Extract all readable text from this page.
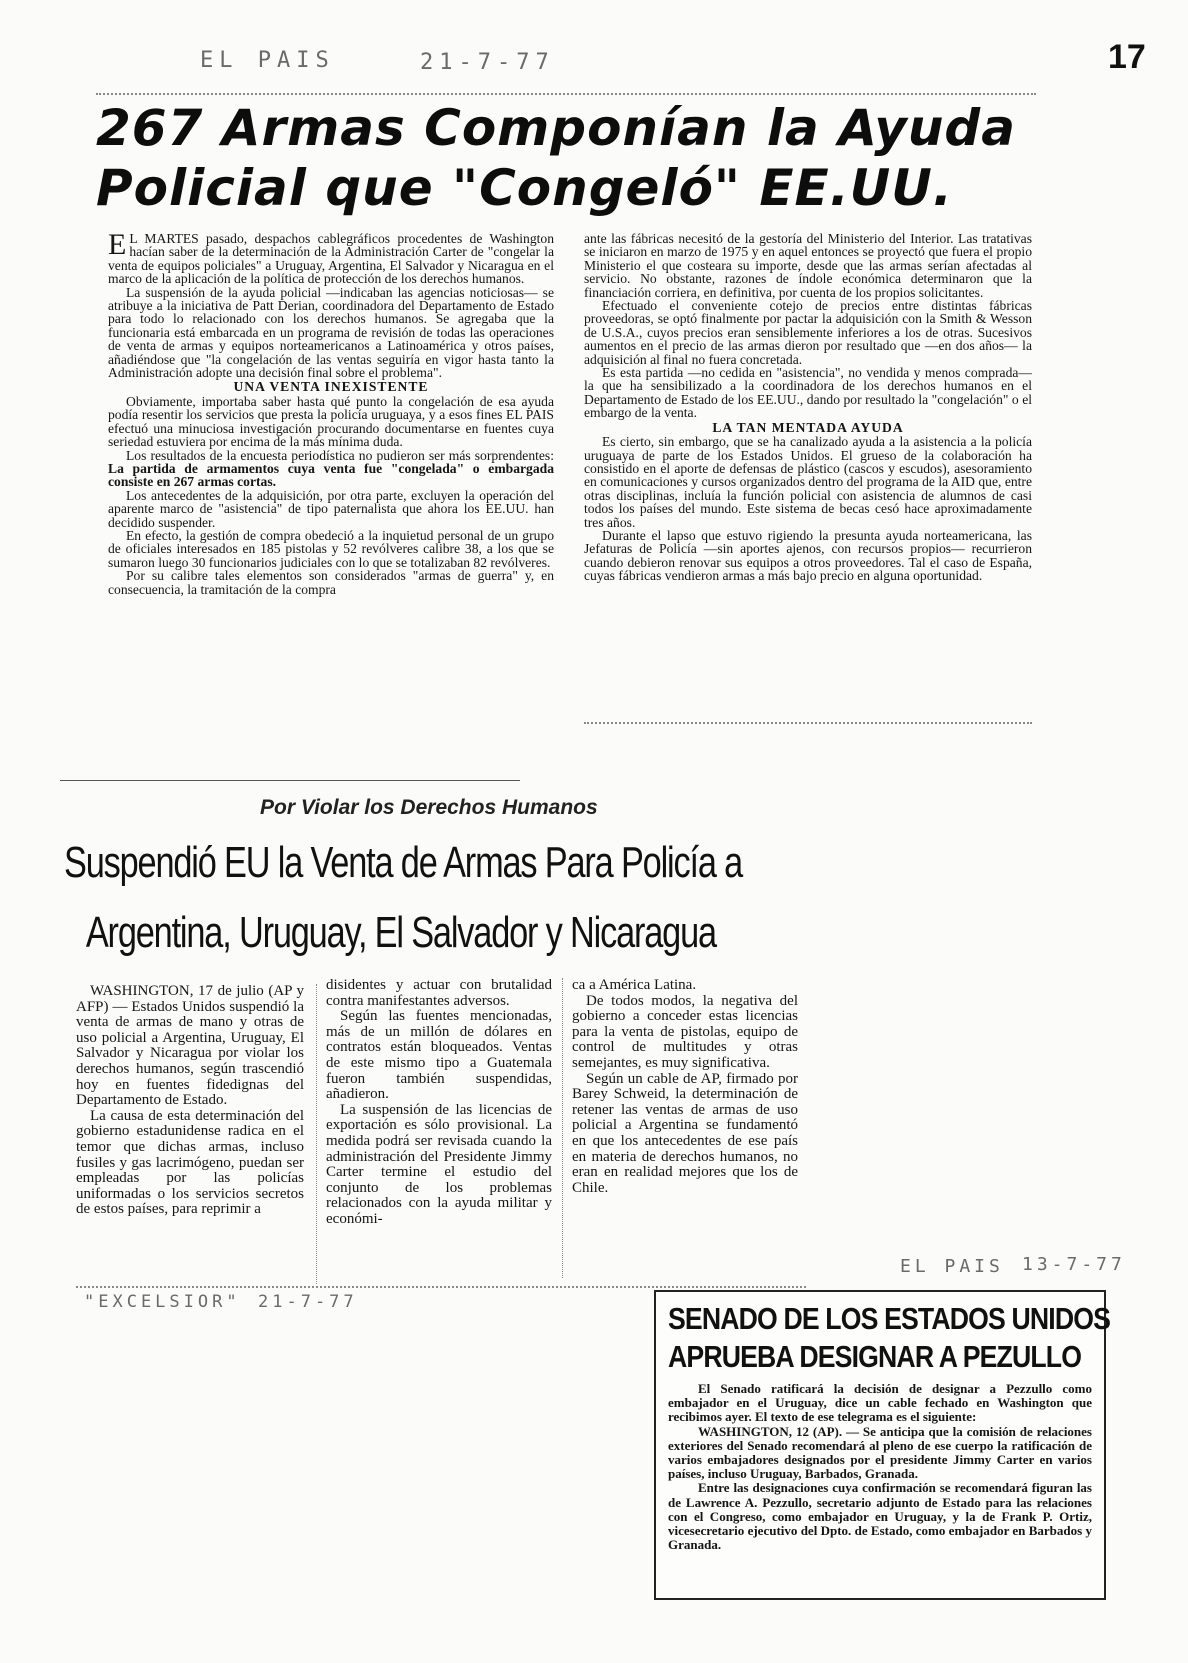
EL PAIS	21-7-77	17

267 Armas Componían la Ayuda

Policial que "Congeló" EE.UU.

E L MARTES pasado, despachos cablegráficos procedentes de Washington hacían saber de la determinación de la Administración Carter de "congelar la venta de equipos policiales" a Uruguay, Argentina, El Salvador y Nicaragua en el marco de la aplicación de la política de protección de los derechos humanos.

La suspensión de la ayuda policial —indicaban las agencias noticiosas— se atribuye a la iniciativa de Patt Derian, coordinadora del Departamento de Estado para todo lo relacionado con los derechos humanos. Se agregaba que la funcionaria está embarcada en un programa de revisión de todas las operaciones de venta de armas y equipos norteamericanos a Latinoamérica y otros países, añadiéndose que "la congelación de las ventas seguiría en vigor hasta tanto la Administración adopte una decisión final sobre el problema".

UNA VENTA INEXISTENTE

Obviamente, importaba saber hasta qué punto la congelación de esa ayuda podía resentir los servicios que presta la policía uruguaya, y a esos fines EL PAIS efectuó una minuciosa investigación procurando documentarse en fuentes cuya seriedad estuviera por encima de la más mínima duda.

Los resultados de la encuesta periodística no pudieron ser más sorprendentes: La partida de armamentos cuya venta fue "congelada" o embargada consiste en 267 armas cortas.

Los antecedentes de la adquisición, por otra parte, excluyen la operación del aparente marco de "asistencia" de tipo paternalista que ahora los EE.UU. han decidido suspender.

En efecto, la gestión de compra obedeció a la inquietud personal de un grupo de oficiales interesados en 185 pistolas y 52 revólveres calibre 38, a los que se sumaron luego 30 funcionarios judiciales con lo que se totalizaban 82 revólveres.

Por su calibre tales elementos son considerados "armas de guerra" y, en consecuencia, la tramitación de la compra

ante las fábricas necesitó de la gestoría del Ministerio del Interior. Las tratativas se iniciaron en marzo de 1975 y en aquel entonces se proyectó que fuera el propio Ministerio el que costeara su importe, desde que las armas serían afectadas al servicio. No obstante, razones de índole económica determinaron que la financiación corriera, en definitiva, por cuenta de los propios solicitantes.

Efectuado el conveniente cotejo de precios entre distintas fábricas proveedoras, se optó finalmente por pactar la adquisición con la Smith & Wesson de U.S.A., cuyos precios eran sensiblemente inferiores a los de otras. Sucesivos aumentos en el precio de las armas dieron por resultado que —en dos años— la adquisición al final no fuera concretada.

Es esta partida —no cedida en "asistencia", no vendida y menos comprada— la que ha sensibilizado a la coordinadora de los derechos humanos en el Departamento de Estado de los EE.UU., dando por resultado la "congelación" o el embargo de la venta.

LA TAN MENTADA AYUDA

Es cierto, sin embargo, que se ha canalizado ayuda a la asistencia a la policía uruguaya de parte de los Estados Unidos. El grueso de la colaboración ha consistido en el aporte de defensas de plástico (cascos y escudos), asesoramiento en comunicaciones y cursos organizados dentro del programa de la AID que, entre otras disciplinas, incluía la función policial con asistencia de alumnos de casi todos los países del mundo. Este sistema de becas cesó hace aproximadamente tres años.

Durante el lapso que estuvo rigiendo la presunta ayuda norteamericana, las Jefaturas de Policía —sin aportes ajenos, con recursos propios— recurrieron cuando debieron renovar sus equipos a otros proveedores. Tal el caso de España, cuyas fábricas vendieron armas a más bajo precio en alguna oportunidad.

Por Violar los Derechos Humanos

Suspendió EU la Venta de Armas Para Policía a

Argentina, Uruguay, El Salvador y Nicaragua

WASHINGTON, 17 de julio (AP y AFP) — Estados Unidos suspendió la venta de armas de mano y otras de uso policial a Argentina, Uruguay, El Salvador y Nicaragua por violar los derechos humanos, según trascendió hoy en fuentes fidedignas del Departamento de Estado.

La causa de esta determinación del gobierno estadunidense radica en el temor que dichas armas, incluso fusiles y gas lacrimógeno, puedan ser empleadas por las policías uniformadas o los servicios secretos de estos países, para reprimir a

disidentes y actuar con brutalidad contra manifestantes adversos.

Según las fuentes mencionadas, más de un millón de dólares en contratos están bloqueados. Ventas de este mismo tipo a Guatemala fueron también suspendidas, añadieron.

La suspensión de las licencias de exportación es sólo provisional. La medida podrá ser revisada cuando la administración del Presidente Jimmy Carter termine el estudio del conjunto de los problemas relacionados con la ayuda militar y económi-

ca a América Latina.

De todos modos, la negativa del gobierno a conceder estas licencias para la venta de pistolas, equipo de control de multitudes y otras semejantes, es muy significativa.

Según un cable de AP, firmado por Barey Schweid, la determinación de retener las ventas de armas de uso policial a Argentina se fundamentó en que los antecedentes de ese país en materia de derechos humanos, no eran en realidad mejores que los de Chile.

"EXCELSIOR" 21-7-77
EL PAIS 13-7-77

SENADO DE LOS ESTADOS UNIDOS

APRUEBA DESIGNAR A PEZULLO

El Senado ratificará la decisión de designar a Pezzullo como embajador en el Uruguay, dice un cable fechado en Washington que recibimos ayer. El texto de ese telegrama es el siguiente:

WASHINGTON, 12 (AP). — Se anticipa que la comisión de relaciones exteriores del Senado recomendará al pleno de ese cuerpo la ratificación de varios embajadores designados por el presidente Jimmy Carter en varios países, incluso Uruguay, Barbados, Granada.

Entre las designaciones cuya confirmación se recomendará figuran las de Lawrence A. Pezzullo, secretario adjunto de Estado para las relaciones con el Congreso, como embajador en Uruguay, y la de Frank P. Ortiz, vicesecretario ejecutivo del Dpto. de Estado, como embajador en Barbados y Granada.
